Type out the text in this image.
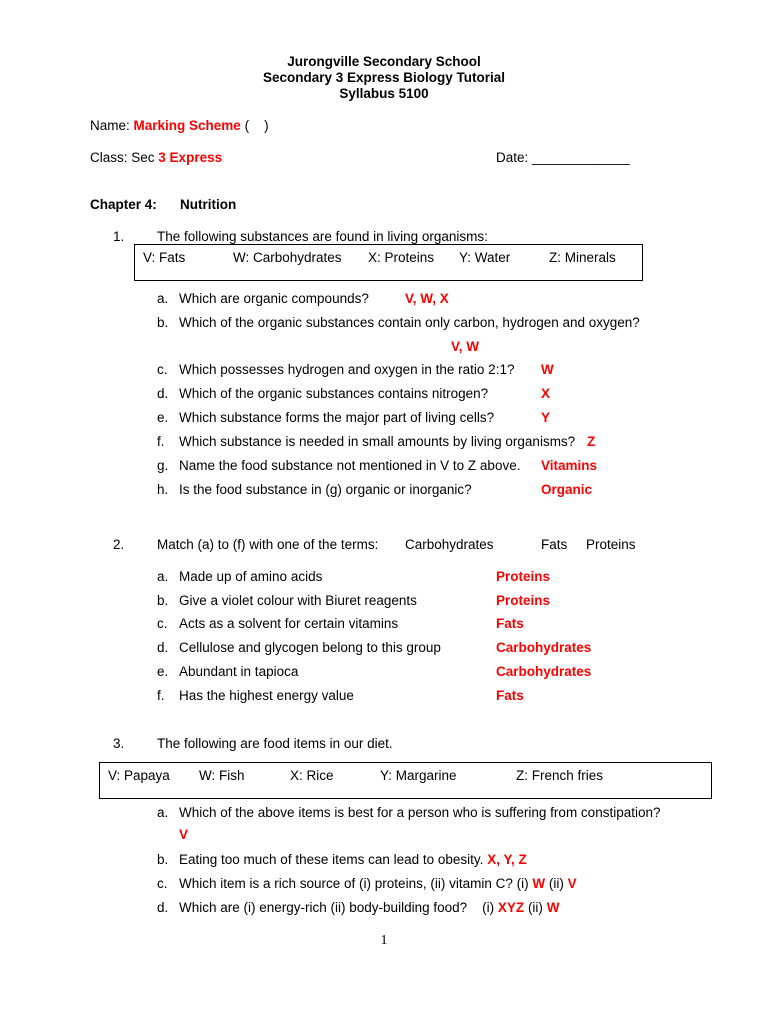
Jurongville Secondary School
Secondary 3 Express Biology Tutorial
Syllabus 5100
Name: Marking Scheme ( )
Class: Sec 3 Express	Date: _____________
Chapter 4: Nutrition
1. The following substances are found in living organisms:
V: Fats	W: Carbohydrates X: Proteins Y: Water	Z: Minerals
a. Which are organic compounds?	V, W, X
b. Which of the organic substances contain only carbon, hydrogen and oxygen?
V, W
c. Which possesses hydrogen and oxygen in the ratio 2:1? W
d. Which of the organic substances contains nitrogen?	X
e. Which substance forms the major part of living cells?	Y
f. Which substance is needed in small amounts by living organisms? Z
g. Name the food substance not mentioned in V to Z above. Vitamins
h. Is the food substance in (g) organic or inorganic?	Organic
2. Match (a) to (f) with one of the terms: Carbohydrates	Fats Proteins
a. Made up of amino acids	Proteins
b. Give a violet colour with Biuret reagents	Proteins
c. Acts as a solvent for certain vitamins	Fats
d. Cellulose and glycogen belong to this group	Carbohydrates
e. Abundant in tapioca	Carbohydrates
f. Has the highest energy value	Fats
3. The following are food items in our diet.
V: Papaya W: Fish	X: Rice	Y: Margarine	Z: French fries
a. Which of the above items is best for a person who is suffering from constipation?
V
b. Eating too much of these items can lead to obesity. X, Y, Z
c. Which item is a rich source of (i) proteins, (ii) vitamin C? (i) W (ii) V
d. Which are (i) energy-rich (ii) body-building food? (i) XYZ (ii) W
1
